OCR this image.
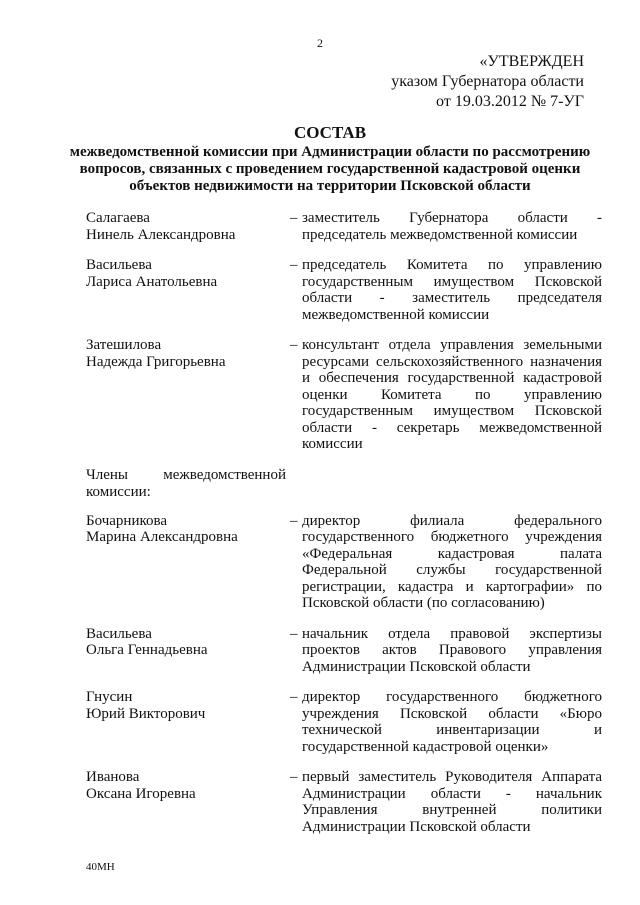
2
«УТВЕРЖДЕН
указом Губернатора области
от 19.03.2012 № 7-УГ
СОСТАВ
межведомственной комиссии при Администрации области по рассмотрению вопросов, связанных с проведением государственной кадастровой оценки объектов недвижимости на территории Псковской области
Салагаева
Нинель Александровна
– заместитель Губернатора области - председатель межведомственной комиссии
Васильева
Лариса Анатольевна
– председатель Комитета по управлению государственным имуществом Псковской области - заместитель председателя межведомственной комиссии
Затешилова
Надежда Григорьевна
– консультант отдела управления земельными ресурсами сельскохозяйственного назначения и обеспечения государственной кадастровой оценки Комитета по управлению государственным имуществом Псковской области - секретарь межведомственной комиссии
Члены межведомственной комиссии:
Бочарникова
Марина Александровна
– директор филиала федерального государственного бюджетного учреждения «Федеральная кадастровая палата Федеральной службы государственной регистрации, кадастра и картографии» по Псковской области (по согласованию)
Васильева
Ольга Геннадьевна
– начальник отдела правовой экспертизы проектов актов Правового управления Администрации Псковской области
Гнусин
Юрий Викторович
– директор государственного бюджетного учреждения Псковской области «Бюро технической инвентаризации и государственной кадастровой оценки»
Иванова
Оксана Игоревна
– первый заместитель Руководителя Аппарата Администрации области - начальник Управления внутренней политики Администрации Псковской области
40МН
